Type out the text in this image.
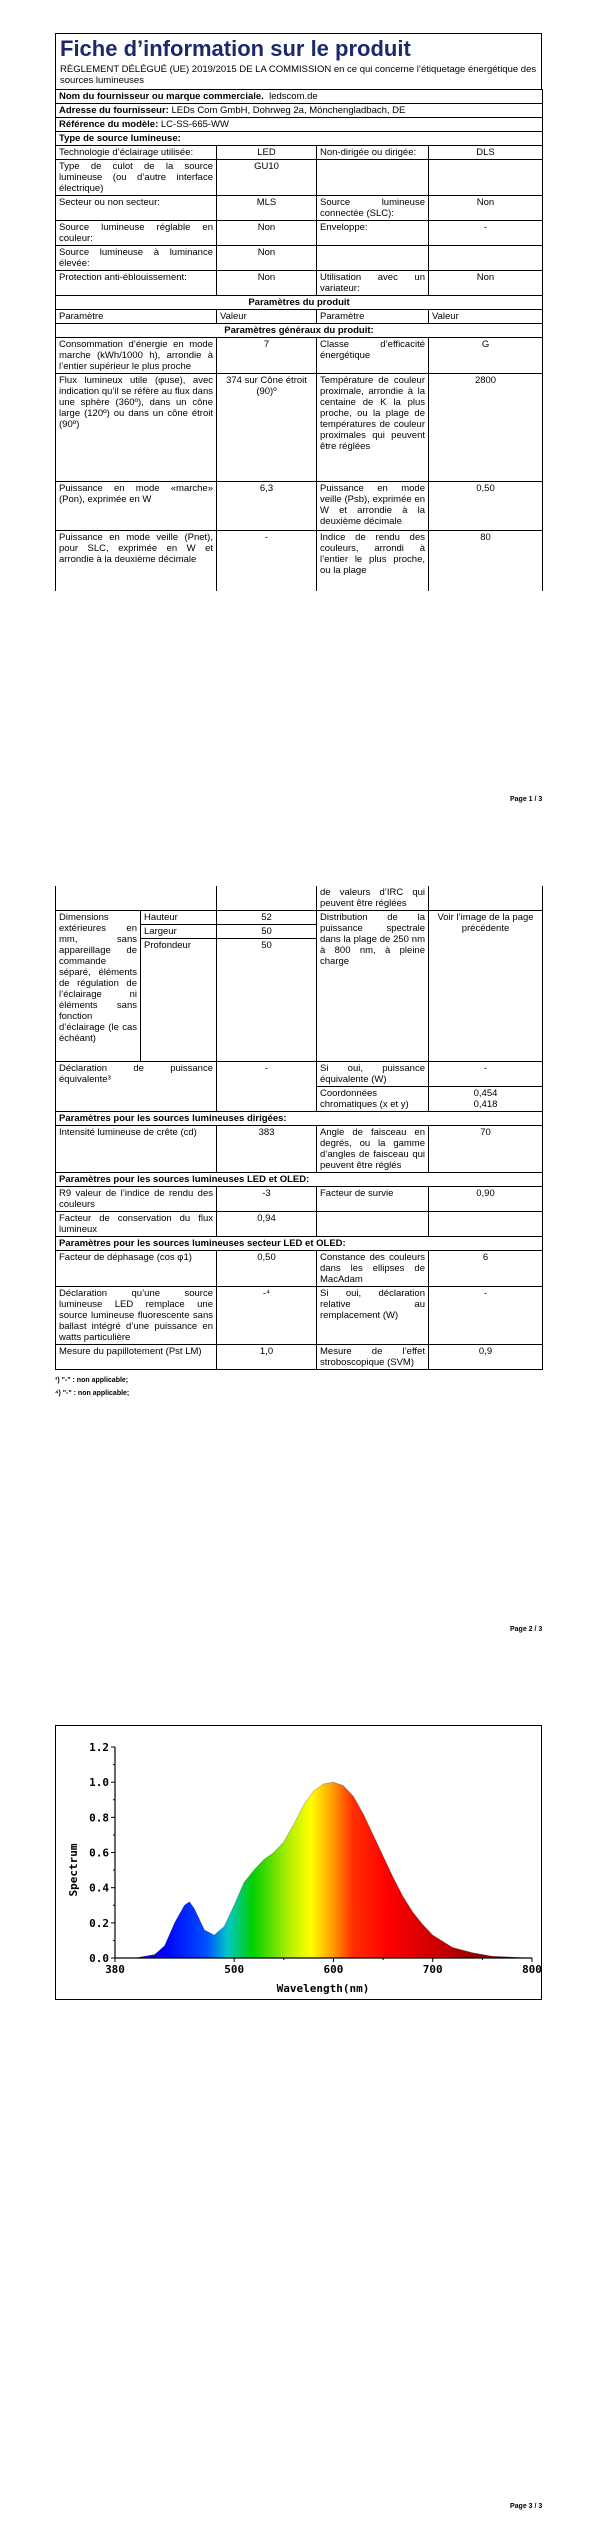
Fiche d’information sur le produit
RÈGLEMENT DÉLÉGUÉ (UE) 2019/2015 DE LA COMMISSION en ce qui concerne l’étiquetage énergétique des sources lumineuses
Nom du fournisseur ou marque commerciale. ledscom.de			
Adresse du fournisseur: LEDs Com GmbH, Dohrweg 2a, Mönchengladbach, DE			
Référence du modèle: LC-SS-665-WW			
Type de source lumineuse:			
Technologie d’éclairage utilisée:	LED	Non-dirigée ou dirigée:	DLS
Type de culot de la source lumineuse (ou d’autre interface électrique)	GU10		
Secteur ou non secteur:	MLS	Source lumineuse connectée (SLC):	Non
Source lumineuse réglable en couleur:	Non	Enveloppe:	-
Source lumineuse à luminance élevée:	Non		
Protection anti-éblouissement:	Non	Utilisation avec un variateur:	Non
Paramètres du produit			
Paramètre	Valeur	Paramètre	Valeur
Paramètres généraux du produit:			
Consommation d’énergie en mode marche (kWh/1000 h), arrondie à l’entier supérieur le plus proche	7	Classe d’efficacité énergétique	G
Flux lumineux utile (φuse), avec indication qu’il se réfère au flux dans une sphère (360º), dans un cône large (120º) ou dans un cône étroit (90º)	374 sur Cône étroit (90)º	Température de couleur proximale, arrondie à la centaine de K la plus proche, ou la plage de températures de couleur proximales qui peuvent être réglées	2800
Puissance en mode «marche» (Pon), exprimée en W	6,3	Puissance en mode veille (Psb), exprimée en W et arrondie à la deuxième décimale	0,50
Puissance en mode veille (Pnet), pour SLC, exprimée en W et arrondie à la deuxième décimale	-	Indice de rendu des couleurs, arrondi à l’entier le plus proche, ou la plage	80
Page 1 / 3
			de valeurs d’IRC qui peuvent être réglées	
Dimensions extérieures en mm, sans appareillage de commande séparé, éléments de régulation de l’éclairage ni éléments sans fonction d’éclairage (le cas échéant)	Hauteur	52	Distribution de la puissance spectrale dans la plage de 250 nm à 800 nm, à pleine charge	Voir l’image de la page précédente
	Largeur	50		
	Profondeur	50		
Déclaration de puissance équivalente³		-	Si oui, puissance équivalente (W)	-
			Coordonnées chromatiques (x et y)	0,454
0,418

Paramètres pour les sources lumineuses dirigées:				
Intensité lumineuse de crête (cd)		383	Angle de faisceau en degrés, ou la gamme d’angles de faisceau qui peuvent être réglés	70
Paramètres pour les sources lumineuses LED et OLED:				
R9 valeur de l’indice de rendu des couleurs		-3	Facteur de survie	0,90
Facteur de conservation du flux lumineux		0,94		
Paramètres pour les sources lumineuses secteur LED et OLED:				
Facteur de déphasage (cos φ1)		0,50	Constance des couleurs dans les ellipses de MacAdam	6
Déclaration qu’une source lumineuse LED remplace une source lumineuse fluorescente sans ballast intégré d’une puissance en watts particulière		-⁴	Si oui, déclaration relative au remplacement (W)	-
Mesure du papillotement (Pst LM)		1,0	Mesure de l’effet stroboscopique (SVM)	0,9
³) "-" : non applicable;
⁴) "-" : non applicable;
Page 2 / 3
0.0
0.2
0.4
0.6
0.8
1.0
1.2
380	500	600	700	800
Wavelength(nm)
Spectrum
Page 3 / 3
